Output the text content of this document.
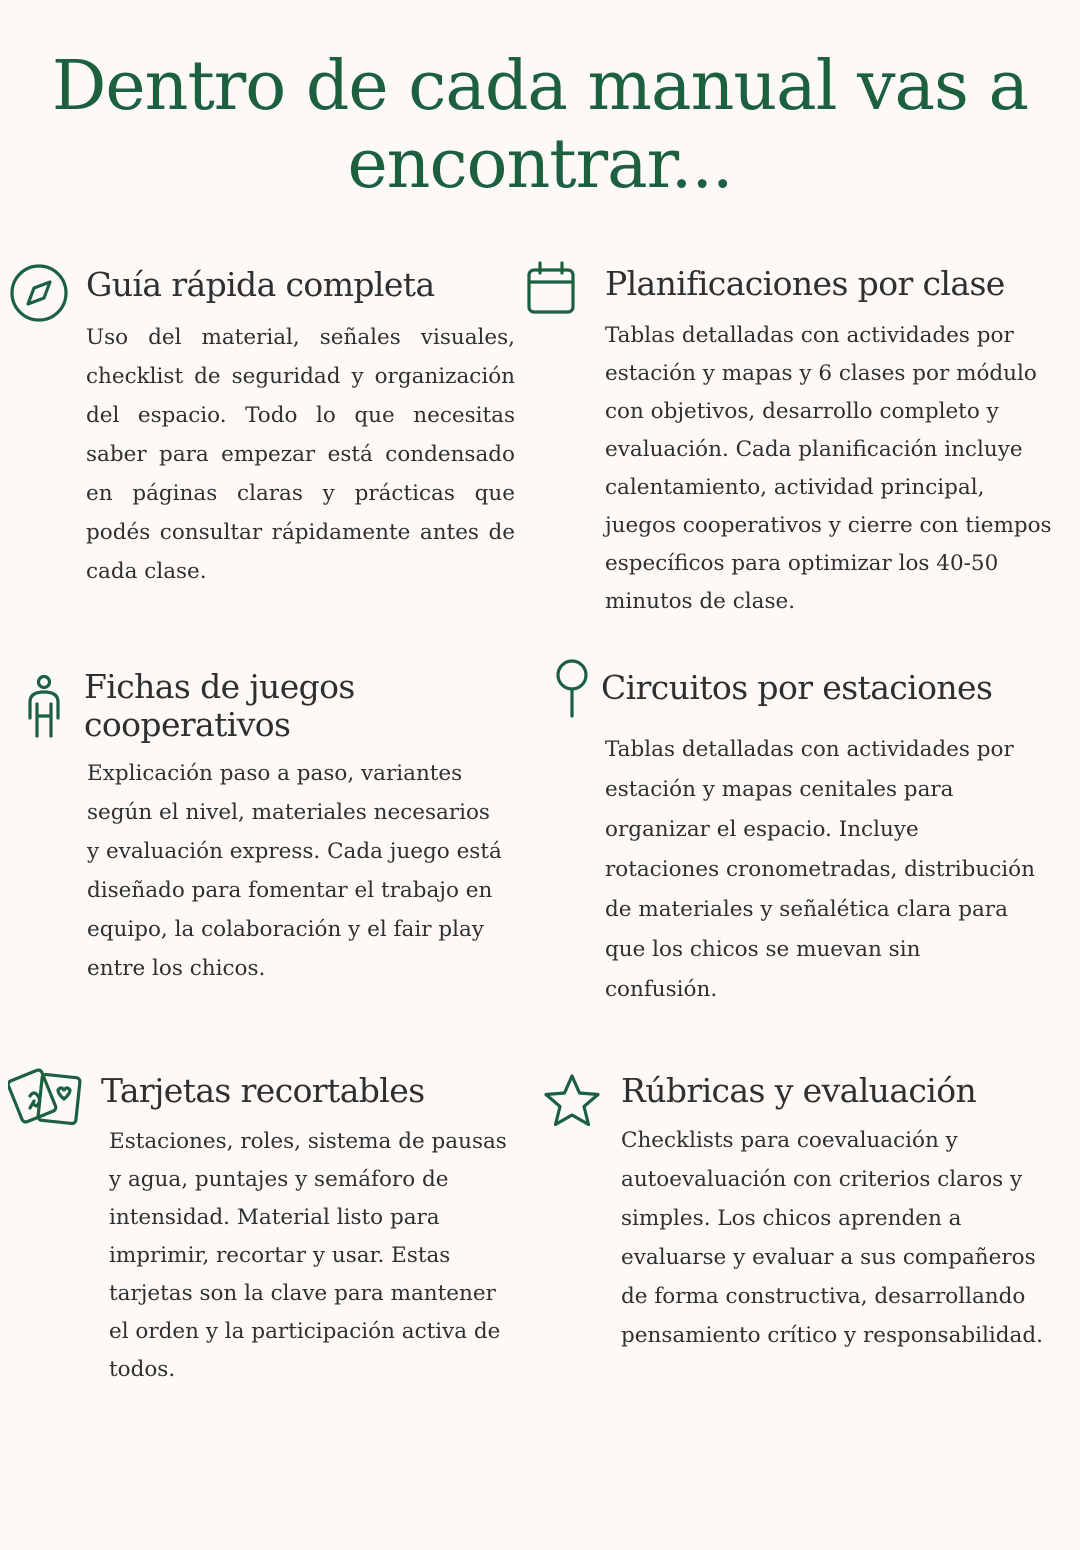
Dentro de cada manual vas a encontrar...
Guía rápida completa

Uso del material, señales visuales, checklist de seguridad y organización del espacio. Todo lo que necesitas saber para empezar está condensado en páginas claras y prácticas que podés consultar rápidamente antes de cada clase.

Planificaciones por clase

Tablas detalladas con actividades por estación y mapas y 6 clases por módulo con objetivos, desarrollo completo y evaluación. Cada planificación incluye calentamiento, actividad principal, juegos cooperativos y cierre con tiempos específicos para optimizar los 40-50 minutos de clase.

Fichas de juegos cooperativos

Explicación paso a paso, variantes según el nivel, materiales necesarios y evaluación express. Cada juego está diseñado para fomentar el trabajo en equipo, la colaboración y el fair play entre los chicos.

Circuitos por estaciones

Tablas detalladas con actividades por estación y mapas cenitales para organizar el espacio. Incluye rotaciones cronometradas, distribución de materiales y señalética clara para que los chicos se muevan sin confusión.

Tarjetas recortables

Estaciones, roles, sistema de pausas y agua, puntajes y semáforo de intensidad. Material listo para imprimir, recortar y usar. Estas tarjetas son la clave para mantener el orden y la participación activa de todos.

Rúbricas y evaluación

Checklists para coevaluación y autoevaluación con criterios claros y simples. Los chicos aprenden a evaluarse y evaluar a sus compañeros de forma constructiva, desarrollando pensamiento crítico y responsabilidad.
